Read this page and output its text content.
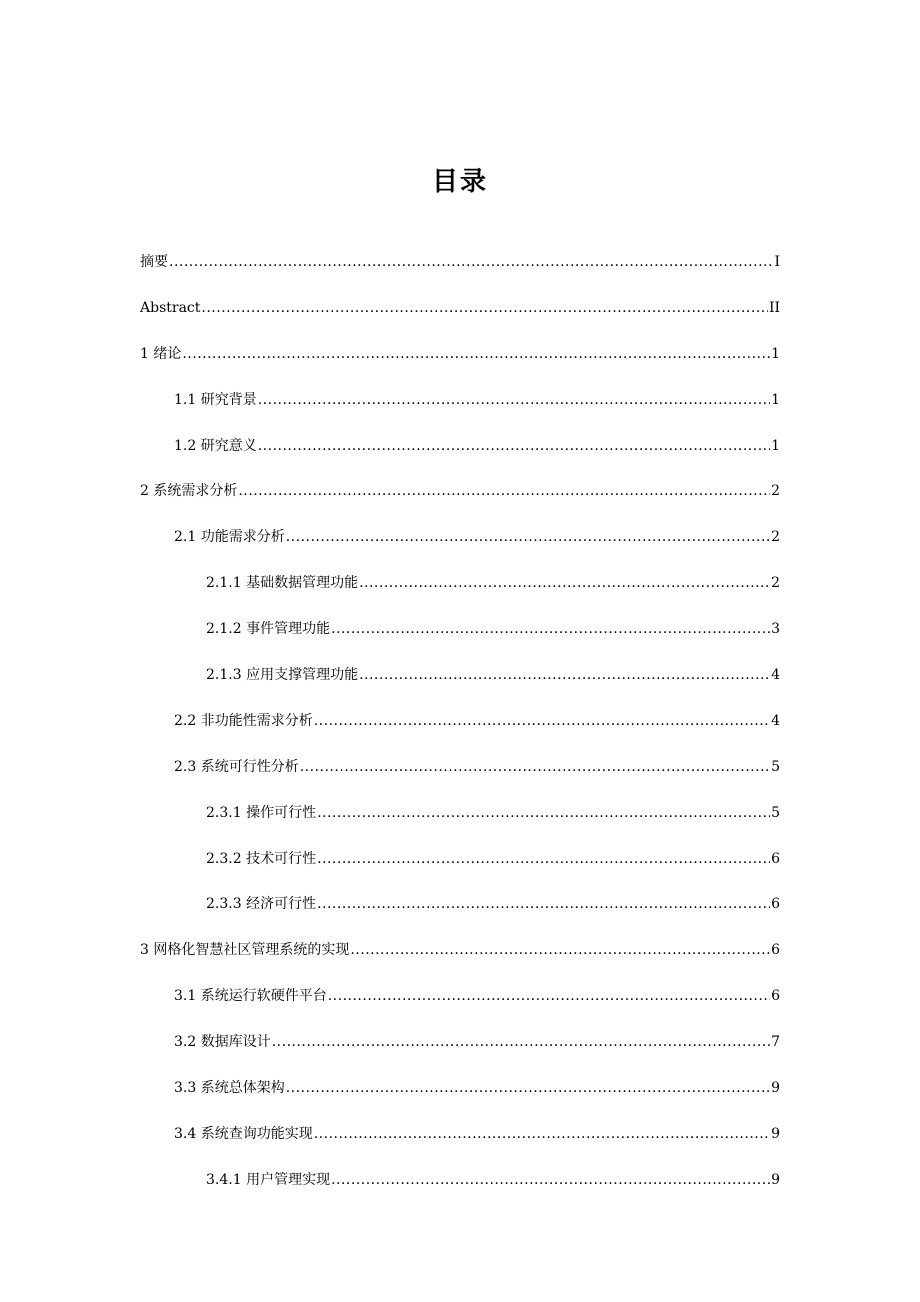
目录
摘要 .....	I
Abstract .....	II
1 绪论 .....	1
1.1 研究背景 .....	1
1.2 研究意义 .....	1
2 系统需求分析 .....	2
2.1 功能需求分析 .....	2
2.1.1 基础数据管理功能 .....	2
2.1.2 事件管理功能 .....	3
2.1.3 应用支撑管理功能 .....	4
2.2 非功能性需求分析 .....	4
2.3 系统可行性分析 .....	5
2.3.1 操作可行性 .....	5
2.3.2 技术可行性 .....	6
2.3.3 经济可行性 .....	6
3 网格化智慧社区管理系统的实现 .....	6
3.1 系统运行软硬件平台 .....	6
3.2 数据库设计 .....	7
3.3 系统总体架构 .....	9
3.4 系统查询功能实现 .....	9
3.4.1 用户管理实现 .....	9
